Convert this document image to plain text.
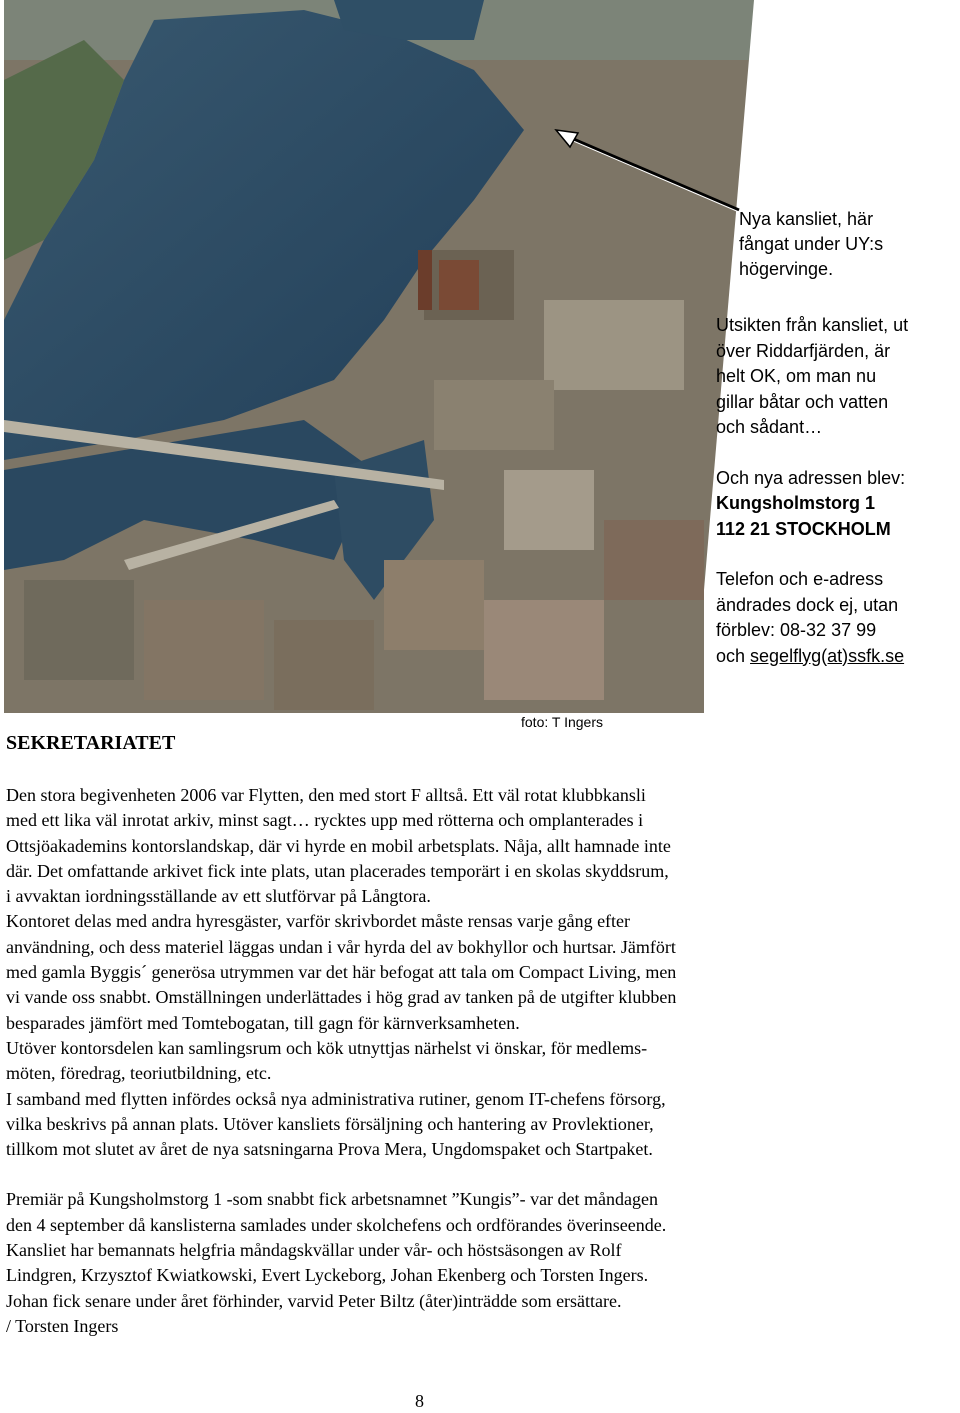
Nya kansliet, här

fångat under UY:s

högervinge.

Utsikten från kansliet, ut

över Riddarfjärden, är

helt OK, om man nu

gillar båtar och vatten

och sådant…

Och nya adressen blev:

Kungsholmstorg 1

112 21 STOCKHOLM

Telefon och e-adress

ändrades dock ej, utan

förblev: 08-32 37 99

och segelflyg(at)ssfk.se

foto: T Ingers
SEKRETARIATET

Den stora begivenheten 2006 var Flytten, den med stort F alltså. Ett väl rotat klubbkansli

med ett lika väl inrotat arkiv, minst sagt… rycktes upp med rötterna och omplanterades i

Ottsjöakademins kontorslandskap, där vi hyrde en mobil arbetsplats. Nåja, allt hamnade inte

där. Det omfattande arkivet fick inte plats, utan placerades temporärt i en skolas skyddsrum,

i avvaktan iordningsställande av ett slutförvar på Långtora.

Kontoret delas med andra hyresgäster, varför skrivbordet måste rensas varje gång efter

användning, och dess materiel läggas undan i vår hyrda del av bokhyllor och hurtsar. Jämfört

med gamla Byggis´ generösa utrymmen var det här befogat att tala om Compact Living, men

vi vande oss snabbt. Omställningen underlättades i hög grad av tanken på de utgifter klubben

besparades jämfört med Tomtebogatan, till gagn för kärnverksamheten.

Utöver kontorsdelen kan samlingsrum och kök utnyttjas närhelst vi önskar, för medlems-

möten, föredrag, teoriutbildning, etc.

I samband med flytten infördes också nya administrativa rutiner, genom IT-chefens försorg,

vilka beskrivs på annan plats. Utöver kansliets försäljning och hantering av Provlektioner,

tillkom mot slutet av året de nya satsningarna Prova Mera, Ungdomspaket och Startpaket.

Premiär på Kungsholmstorg 1 -som snabbt fick arbetsnamnet ”Kungis”- var det måndagen

den 4 september då kanslisterna samlades under skolchefens och ordförandes överinseende.

Kansliet har bemannats helgfria måndagskvällar under vår- och höstsäsongen av Rolf

Lindgren, Krzysztof Kwiatkowski, Evert Lyckeborg, Johan Ekenberg och Torsten Ingers.

Johan fick senare under året förhinder, varvid Peter Biltz (åter)inträdde som ersättare.

/ Torsten Ingers

8
